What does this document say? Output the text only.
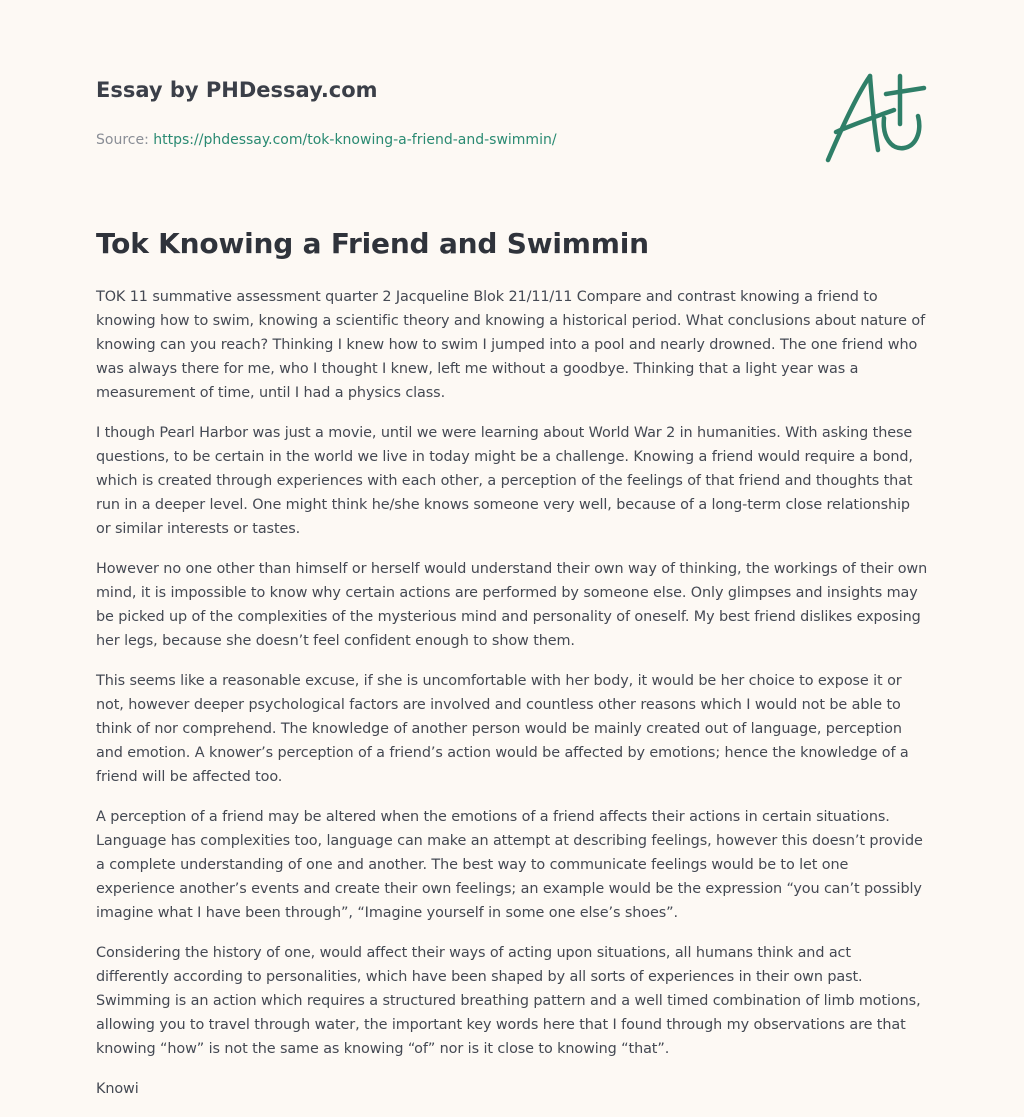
Essay by PHDessay.com
Source: https://phdessay.com/tok-knowing-a-friend-and-swimmin/
Tok Knowing a Friend and Swimmin

TOK 11 summative assessment quarter 2 Jacqueline Blok 21/11/11 Compare and contrast knowing a friend to knowing how to swim, knowing a scientific theory and knowing a historical period. What conclusions about nature of knowing can you reach? Thinking I knew how to swim I jumped into a pool and nearly drowned. The one friend who was always there for me, who I thought I knew, left me without a goodbye. Thinking that a light year was a measurement of time, until I had a physics class.

I though Pearl Harbor was just a movie, until we were learning about World War 2 in humanities. With asking these questions, to be certain in the world we live in today might be a challenge. Knowing a friend would require a bond, which is created through experiences with each other, a perception of the feelings of that friend and thoughts that run in a deeper level. One might think he/she knows someone very well, because of a long-term close relationship or similar interests or tastes.

However no one other than himself or herself would understand their own way of thinking, the workings of their own mind, it is impossible to know why certain actions are performed by someone else. Only glimpses and insights may be picked up of the complexities of the mysterious mind and personality of oneself. My best friend dislikes exposing her legs, because she doesn’t feel confident enough to show them.

This seems like a reasonable excuse, if she is uncomfortable with her body, it would be her choice to expose it or not, however deeper psychological factors are involved and countless other reasons which I would not be able to think of nor comprehend. The knowledge of another person would be mainly created out of language, perception and emotion. A knower’s perception of a friend’s action would be affected by emotions; hence the knowledge of a friend will be affected too.

A perception of a friend may be altered when the emotions of a friend affects their actions in certain situations. Language has complexities too, language can make an attempt at describing feelings, however this doesn’t provide a complete understanding of one and another. The best way to communicate feelings would be to let one experience another’s events and create their own feelings; an example would be the expression “you can’t possibly imagine what I have been through”, “Imagine yourself in some one else’s shoes”.

Considering the history of one, would affect their ways of acting upon situations, all humans think and act differently according to personalities, which have been shaped by all sorts of experiences in their own past. Swimming is an action which requires a structured breathing pattern and a well timed combination of limb motions, allowing you to travel through water, the important key words here that I found through my observations are that knowing “how” is not the same as knowing “of” nor is it close to knowing “that”.

Knowi
